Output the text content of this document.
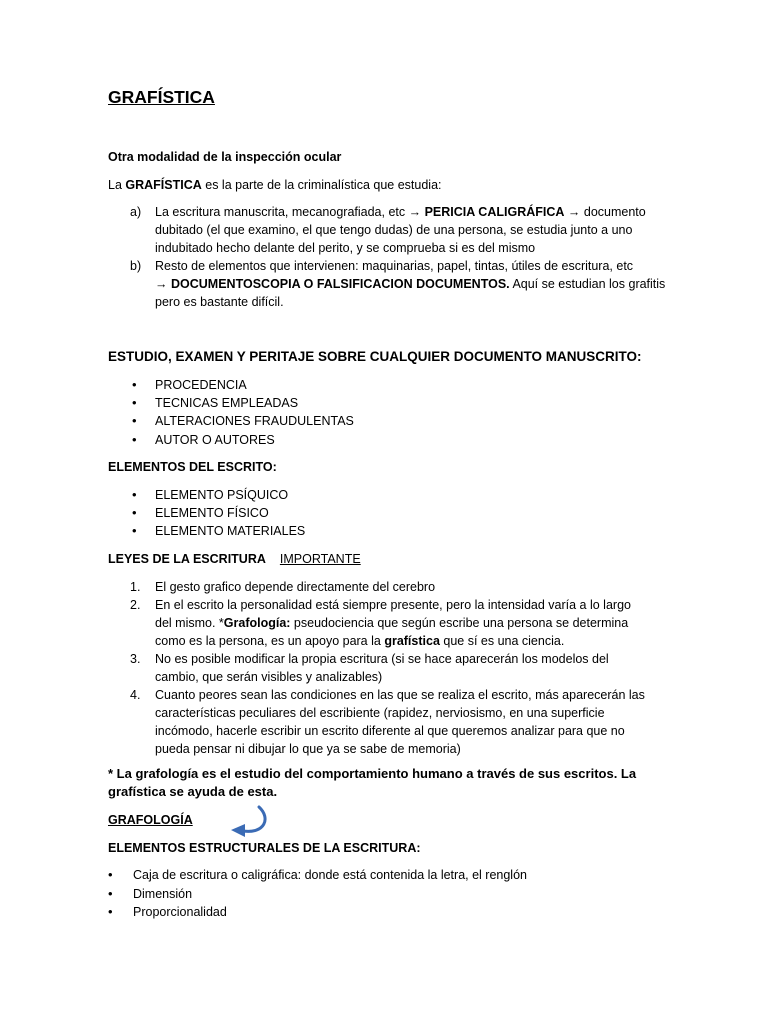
GRAFÍSTICA

Otra modalidad de la inspección ocular

La GRAFÍSTICA es la parte de la criminalística que estudia:

a) La escritura manuscrita, mecanografiada, etc → PERICIA CALIGRÁFICA → documento
dubitado (el que examino, el que tengo dudas) de una persona, se estudia junto a uno
indubitado hecho delante del perito, y se comprueba si es del mismo
b) Resto de elementos que intervienen: maquinarias, papel, tintas, útiles de escritura, etc
→ DOCUMENTOSCOPIA O FALSIFICACION DOCUMENTOS. Aquí se estudian los grafitis
pero es bastante difícil.

ESTUDIO, EXAMEN Y PERITAJE SOBRE CUALQUIER DOCUMENTO MANUSCRITO:

• PROCEDENCIA
• TECNICAS EMPLEADAS
• ALTERACIONES FRAUDULENTAS
• AUTOR O AUTORES

ELEMENTOS DEL ESCRITO:

• ELEMENTO PSÍQUICO
• ELEMENTO FÍSICO
• ELEMENTO MATERIALES

LEYES DE LA ESCRITURA IMPORTANTE

1. El gesto grafico depende directamente del cerebro
2. En el escrito la personalidad está siempre presente, pero la intensidad varía a lo largo
del mismo. *Grafología: pseudociencia que según escribe una persona se determina
como es la persona, es un apoyo para la grafística que sí es una ciencia.
3. No es posible modificar la propia escritura (si se hace aparecerán los modelos del
cambio, que serán visibles y analizables)
4. Cuanto peores sean las condiciones en las que se realiza el escrito, más aparecerán las
características peculiares del escribiente (rapidez, nerviosismo, en una superficie
incómodo, hacerle escribir un escrito diferente al que queremos analizar para que no
pueda pensar ni dibujar lo que ya se sabe de memoria)
* La grafología es el estudio del comportamiento humano a través de sus escritos. La
grafística se ayuda de esta.

GRAFOLOGÍA

ELEMENTOS ESTRUCTURALES DE LA ESCRITURA:

• Caja de escritura o caligráfica: donde está contenida la letra, el renglón
• Dimensión
• Proporcionalidad
